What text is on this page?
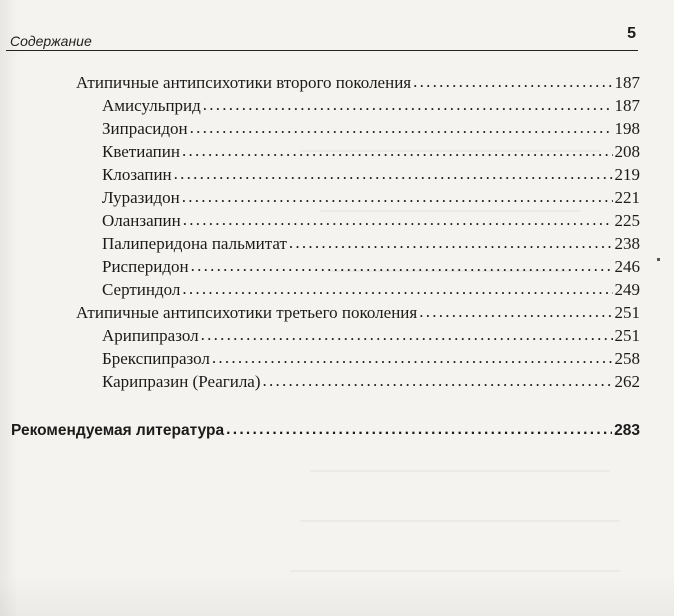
Содержание	5
Атипичные антипсихотики второго поколения . . .	187
Амисульприд . . .	187
Зипрасидон . . .	198
Кветиапин . . .	208
Клозапин . . .	219
Луразидон . . .	221
Оланзапин . . .	225
Палиперидона пальмитат . . .	238
Рисперидон . . .	246
Сертиндол . . .	249
Атипичные антипсихотики третьего поколения . . .	251
Арипипразол . . .	251
Брекспипразол . . .	258
Карипразин (Реагила) . . .	262
Рекомендуемая литература . . .	283
